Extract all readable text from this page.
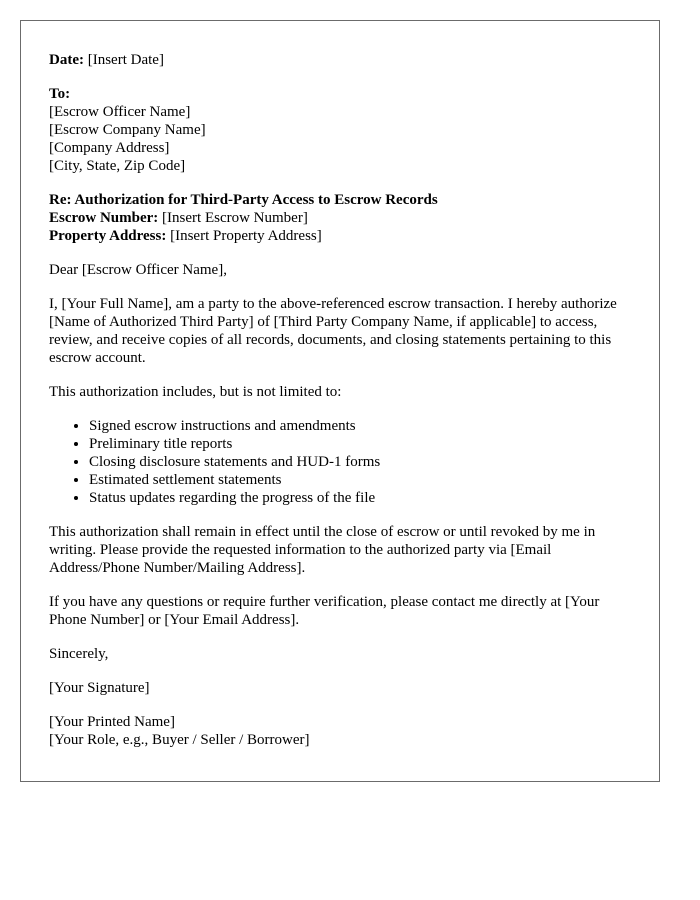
Date: [Insert Date]
To:
[Escrow Officer Name]
[Escrow Company Name]
[Company Address]
[City, State, Zip Code]
Re: Authorization for Third-Party Access to Escrow Records
Escrow Number: [Insert Escrow Number]
Property Address: [Insert Property Address]

Dear [Escrow Officer Name],

I, [Your Full Name], am a party to the above-referenced escrow transaction. I hereby authorize [Name of Authorized Third Party] of [Third Party Company Name, if applicable] to access, review, and receive copies of all records, documents, and closing statements pertaining to this escrow account.

This authorization includes, but is not limited to:

• Signed escrow instructions and amendments
• Preliminary title reports
• Closing disclosure statements and HUD-1 forms
• Estimated settlement statements
• Status updates regarding the progress of the file

This authorization shall remain in effect until the close of escrow or until revoked by me in writing. Please provide the requested information to the authorized party via [Email Address/Phone Number/Mailing Address].

If you have any questions or require further verification, please contact me directly at [Your Phone Number] or [Your Email Address].

Sincerely,

[Your Signature]

[Your Printed Name]
[Your Role, e.g., Buyer / Seller / Borrower]
